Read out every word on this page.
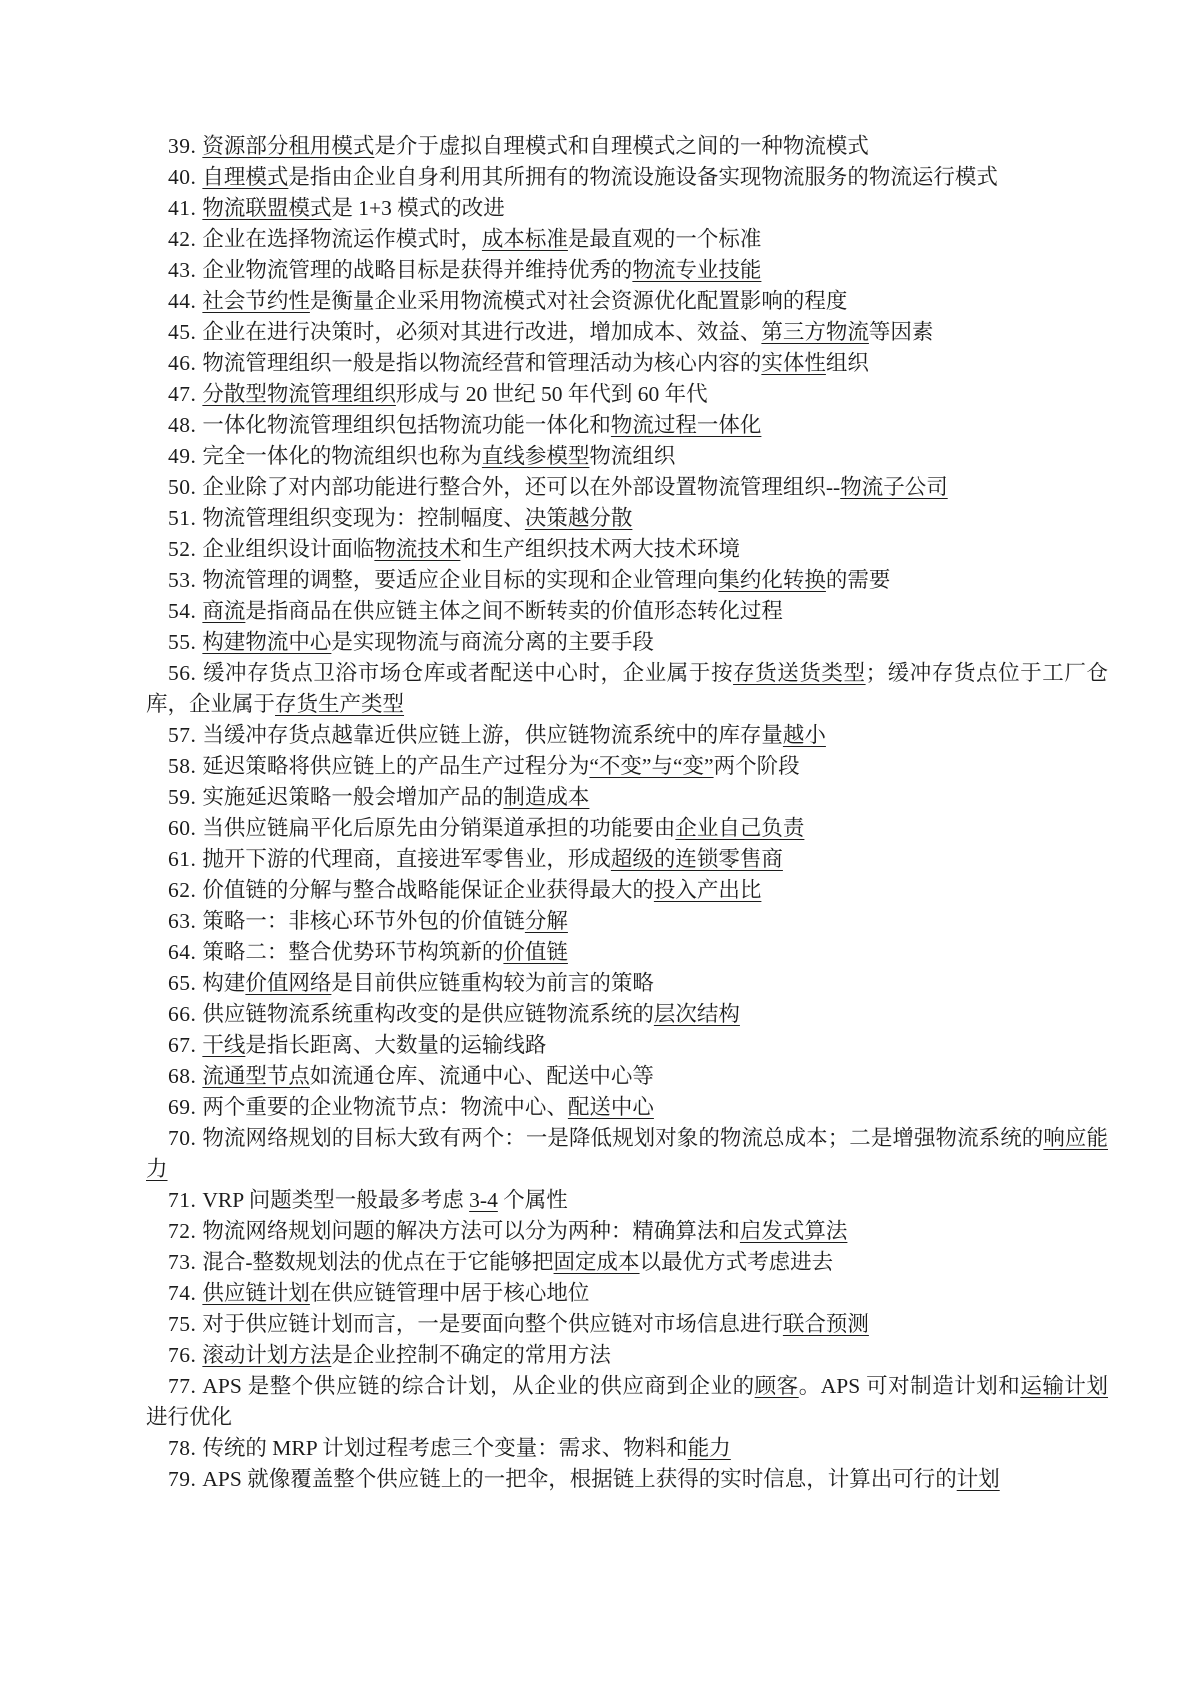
39. 资源部分租用模式是介于虚拟自理模式和自理模式之间的一种物流模式

40. 自理模式是指由企业自身利用其所拥有的物流设施设备实现物流服务的物流运行模式

41. 物流联盟模式是 1+3 模式的改进

42. 企业在选择物流运作模式时，成本标准是最直观的一个标准

43. 企业物流管理的战略目标是获得并维持优秀的物流专业技能

44. 社会节约性是衡量企业采用物流模式对社会资源优化配置影响的程度

45. 企业在进行决策时，必须对其进行改进，增加成本、效益、第三方物流等因素

46. 物流管理组织一般是指以物流经营和管理活动为核心内容的实体性组织

47. 分散型物流管理组织形成与 20 世纪 50 年代到 60 年代

48. 一体化物流管理组织包括物流功能一体化和物流过程一体化

49. 完全一体化的物流组织也称为直线参模型物流组织

50. 企业除了对内部功能进行整合外，还可以在外部设置物流管理组织--物流子公司

51. 物流管理组织变现为：控制幅度、决策越分散

52. 企业组织设计面临物流技术和生产组织技术两大技术环境

53. 物流管理的调整，要适应企业目标的实现和企业管理向集约化转换的需要

54. 商流是指商品在供应链主体之间不断转卖的价值形态转化过程

55. 构建物流中心是实现物流与商流分离的主要手段

56. 缓冲存货点卫浴市场仓库或者配送中心时，企业属于按存货送货类型；缓冲存货点位于工厂仓库，企业属于存货生产类型

57. 当缓冲存货点越靠近供应链上游，供应链物流系统中的库存量越小

58. 延迟策略将供应链上的产品生产过程分为“不变”与“变”两个阶段

59. 实施延迟策略一般会增加产品的制造成本

60. 当供应链扁平化后原先由分销渠道承担的功能要由企业自己负责

61. 抛开下游的代理商，直接进军零售业，形成超级的连锁零售商

62. 价值链的分解与整合战略能保证企业获得最大的投入产出比

63. 策略一：非核心环节外包的价值链分解

64. 策略二：整合优势环节构筑新的价值链

65. 构建价值网络是目前供应链重构较为前言的策略

66. 供应链物流系统重构改变的是供应链物流系统的层次结构

67. 干线是指长距离、大数量的运输线路

68. 流通型节点如流通仓库、流通中心、配送中心等

69. 两个重要的企业物流节点：物流中心、配送中心

70. 物流网络规划的目标大致有两个：一是降低规划对象的物流总成本；二是增强物流系统的响应能力

71. VRP 问题类型一般最多考虑 3-4 个属性

72. 物流网络规划问题的解决方法可以分为两种：精确算法和启发式算法

73. 混合-整数规划法的优点在于它能够把固定成本以最优方式考虑进去

74. 供应链计划在供应链管理中居于核心地位

75. 对于供应链计划而言，一是要面向整个供应链对市场信息进行联合预测

76. 滚动计划方法是企业控制不确定的常用方法

77. APS 是整个供应链的综合计划，从企业的供应商到企业的顾客。APS 可对制造计划和运输计划进行优化

78. 传统的 MRP 计划过程考虑三个变量：需求、物料和能力

79. APS 就像覆盖整个供应链上的一把伞，根据链上获得的实时信息，计算出可行的计划
